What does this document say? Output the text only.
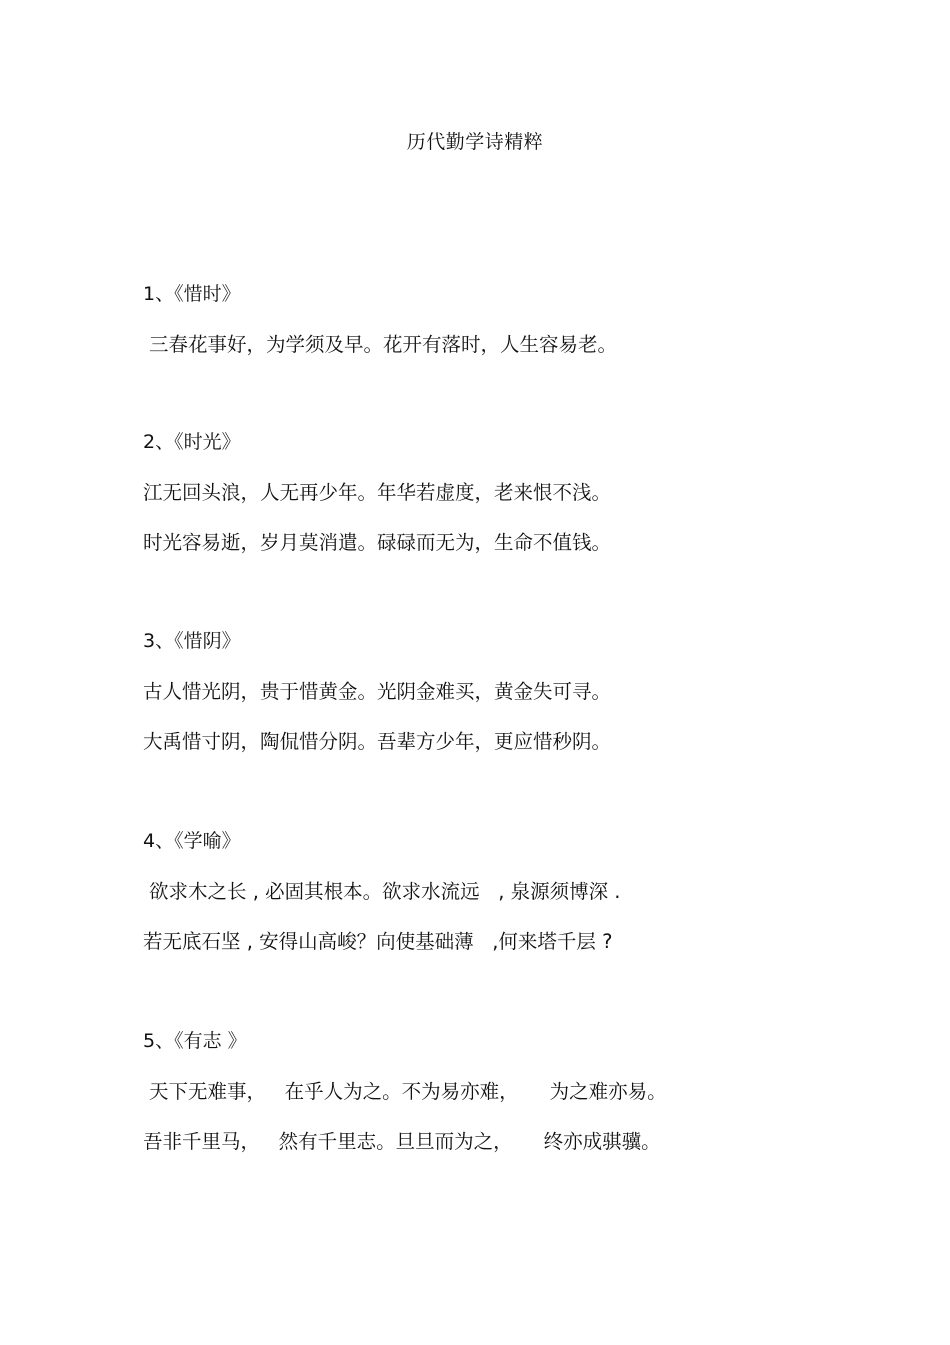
历代勤学诗精粹
1、《惜时》
三春花事好，为学须及早。花开有落时，人生容易老。
2、《时光》
江无回头浪，人无再少年。年华若虚度，老来恨不浅。
时光容易逝，岁月莫消遣。碌碌而无为，生命不值钱。
3、《惜阴》
古人惜光阴，贵于惜黄金。光阴金难买，黄金失可寻。
大禹惜寸阴，陶侃惜分阴。吾辈方少年，更应惜秒阴。
4、《学喻》
欲求木之长 , 必固其根本。欲求水流远   , 泉源须博深 .
若无底石坚 , 安得山高峻？向使基础薄   ,何来塔千层 ?
5、《有志 》
天下无难事，   在乎人为之。不为易亦难，     为之难亦易。
吾非千里马，   然有千里志。旦旦而为之，     终亦成骐骥。
